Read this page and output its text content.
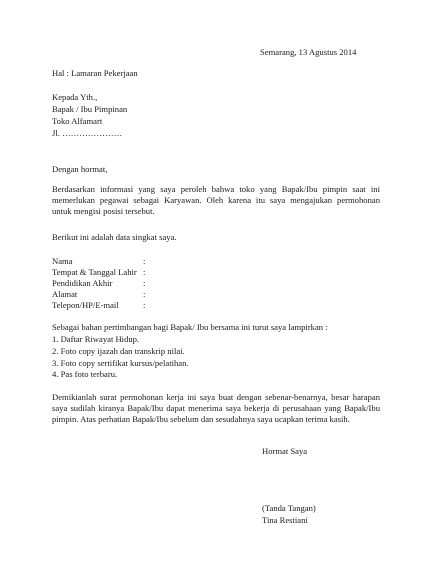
Semarang, 13 Agustus 2014
Hal : Lamaran Pekerjaan
Kepada Yth.,
Bapak / Ibu Pimpinan
Toko Alfamart
Jl. …………………
Dengan hormat,
Berdasarkan informasi yang saya peroleh bahwa toko yang Bapak/Ibu pimpin saat ini
memerlukan pegawai sebagai Karyawan. Oleh karena itu saya mengajukan permohonan
untuk mengisi posisi tersebut.
Berikut ini adalah data singkat saya.
Nama	:
Tempat & Tanggal Lahir :
Pendidikan Akhir	:
Alamat	:
Telepon/HP/E-mail	:
Sebagai bahan pertimbangan bagi Bapak/ Ibu bersama ini turut saya lampirkan :
1. Daftar Riwayat Hidup.
2. Foto copy ijazah dan transkrip nilai.
3. Foto copy sertifikat kursus/pelatihan.
4. Pas foto terbaru.
Demikianlah surat permohonan kerja ini saya buat dengan sebenar-benarnya, besar harapan
saya sudilah kiranya Bapak/Ibu dapat menerima saya bekerja di perusahaan yang Bapak/Ibu
pimpin. Atas perhatian Bapak/Ibu sebelum dan sesudahnya saya ucapkan terima kasih.
Hormat Saya
(Tanda Tangan)
Tina Restiani
